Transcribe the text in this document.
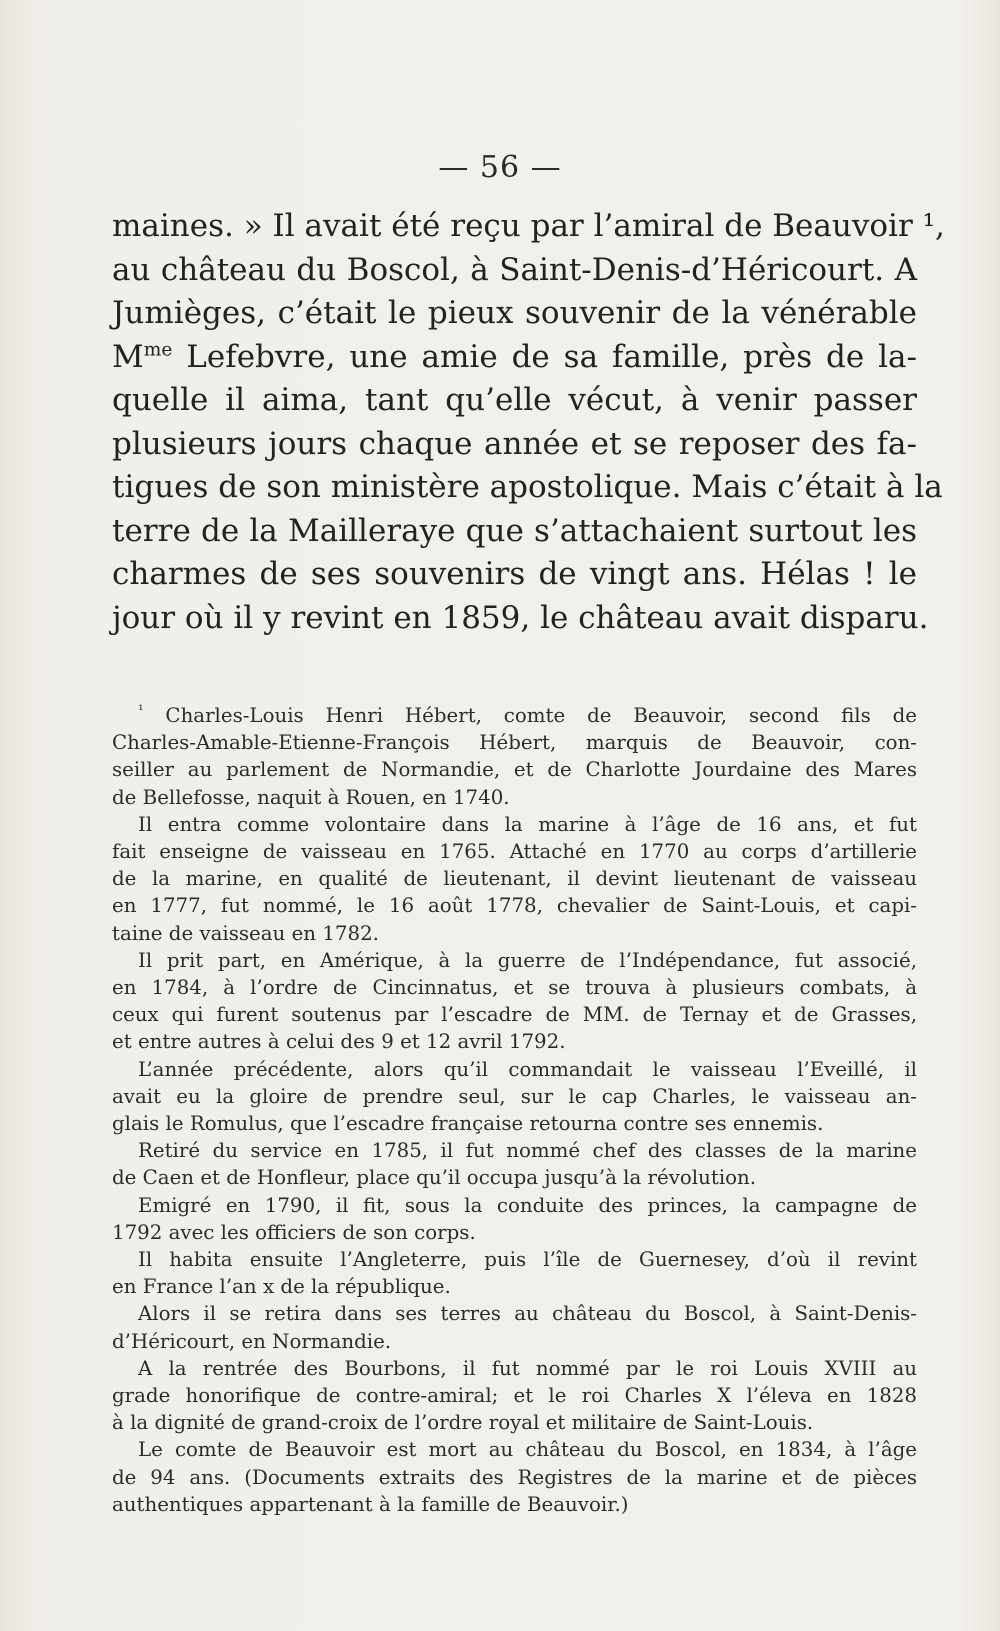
— 56 —
maines. » Il avait été reçu par l’amiral de Beauvoir ¹,
au château du Boscol, à Saint-Denis-d’Héricourt. A
Jumièges, c’était le pieux souvenir de la vénérable
$M^{me}$ Lefebvre, une amie de sa famille, près de la-
quelle il aima, tant qu’elle vécut, à venir passer
plusieurs jours chaque année et se reposer des fa-
tigues de son ministère apostolique. Mais c’était à la
terre de la Mailleraye que s’attachaient surtout les
charmes de ses souvenirs de vingt ans. Hélas ! le
jour où il y revint en 1859, le château avait disparu.
$^{^1}$ Charles-Louis Henri Hébert, comte de Beauvoir, second fils de
Charles-Amable-Etienne-François Hébert, marquis de Beauvoir, con-
seiller au parlement de Normandie, et de Charlotte Jourdaine des Mares
de Bellefosse, naquit à Rouen, en 1740.
Il entra comme volontaire dans la marine à l’âge de 16 ans, et fut
fait enseigne de vaisseau en 1765. Attaché en 1770 au corps d’artillerie
de la marine, en qualité de lieutenant, il devint lieutenant de vaisseau
en 1777, fut nommé, le 16 août 1778, chevalier de Saint-Louis, et capi-
taine de vaisseau en 1782.
Il prit part, en Amérique, à la guerre de l’Indépendance, fut associé,
en 1784, à l’ordre de Cincinnatus, et se trouva à plusieurs combats, à
ceux qui furent soutenus par l’escadre de MM. de Ternay et de Grasses,
et entre autres à celui des 9 et 12 avril 1792.
L’année précédente, alors qu’il commandait le vaisseau l’Eveillé, il
avait eu la gloire de prendre seul, sur le cap Charles, le vaisseau an-
glais le Romulus, que l’escadre française retourna contre ses ennemis.
Retiré du service en 1785, il fut nommé chef des classes de la marine
de Caen et de Honfleur, place qu’il occupa jusqu’à la révolution.
Emigré en 1790, il fit, sous la conduite des princes, la campagne de
1792 avec les officiers de son corps.
Il habita ensuite l’Angleterre, puis l’île de Guernesey, d’où il revint
en France l’an x de la république.
Alors il se retira dans ses terres au château du Boscol, à Saint-Denis-
d’Héricourt, en Normandie.
A la rentrée des Bourbons, il fut nommé par le roi Louis XVIII au
grade honorifique de contre-amiral; et le roi Charles X l’éleva en 1828
à la dignité de grand-croix de l’ordre royal et militaire de Saint-Louis.
Le comte de Beauvoir est mort au château du Boscol, en 1834, à l’âge
de 94 ans. (Documents extraits des Registres de la marine et de pièces
authentiques appartenant à la famille de Beauvoir.)
